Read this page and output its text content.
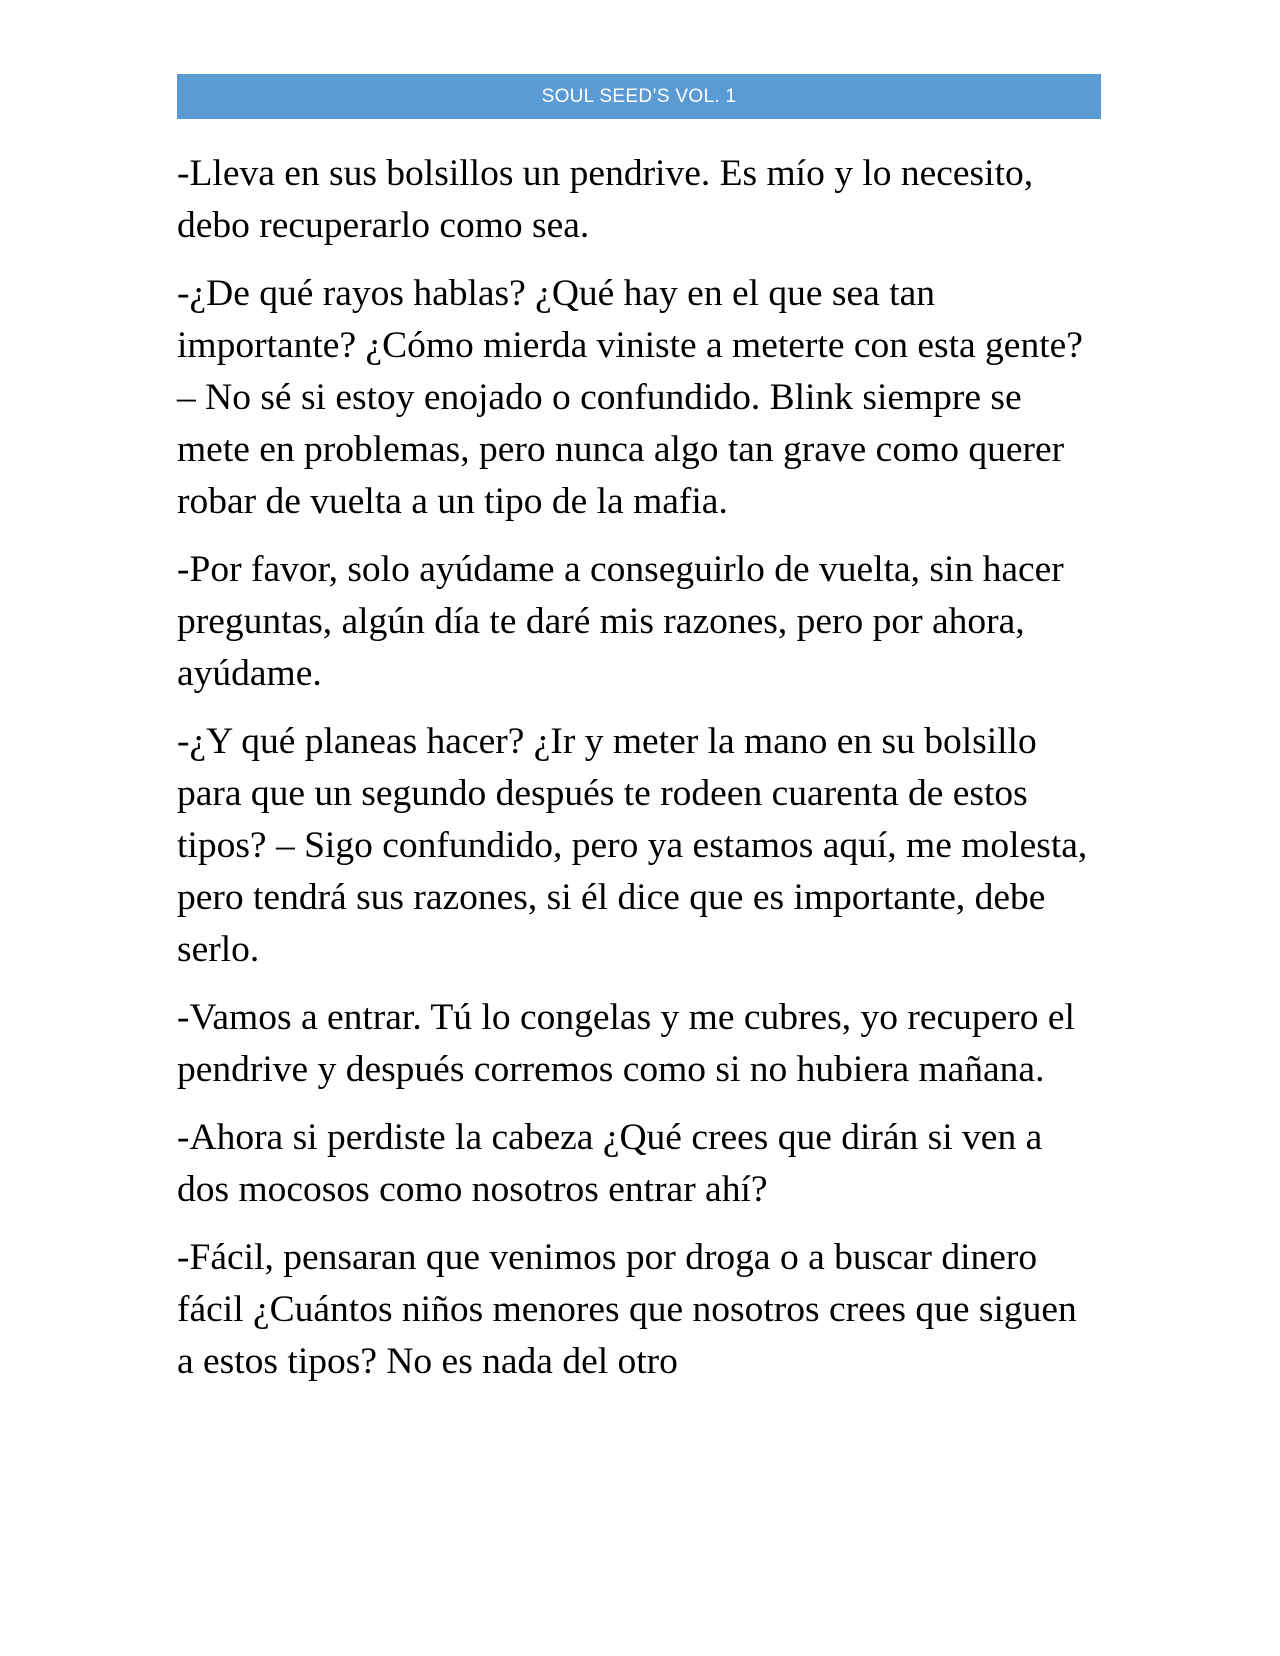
SOUL SEED’S VOL. 1

-Lleva en sus bolsillos un pendrive. Es mío y lo necesito, debo recuperarlo como sea.

-¿De qué rayos hablas? ¿Qué hay en el que sea tan importante? ¿Cómo mierda viniste a meterte con esta gente? – No sé si estoy enojado o confundido. Blink siempre se mete en problemas, pero nunca algo tan grave como querer robar de vuelta a un tipo de la mafia.

-Por favor, solo ayúdame a conseguirlo de vuelta, sin hacer preguntas, algún día te daré mis razones, pero por ahora, ayúdame.

-¿Y qué planeas hacer? ¿Ir y meter la mano en su bolsillo para que un segundo después te rodeen cuarenta de estos tipos? – Sigo confundido, pero ya estamos aquí, me molesta, pero tendrá sus razones, si él dice que es importante, debe serlo.

-Vamos a entrar. Tú lo congelas y me cubres, yo recupero el pendrive y después corremos como si no hubiera mañana.

-Ahora si perdiste la cabeza ¿Qué crees que dirán si ven a dos mocosos como nosotros entrar ahí?

-Fácil, pensaran que venimos por droga o a buscar dinero fácil ¿Cuántos niños menores que nosotros crees que siguen a estos tipos? No es nada del otro
